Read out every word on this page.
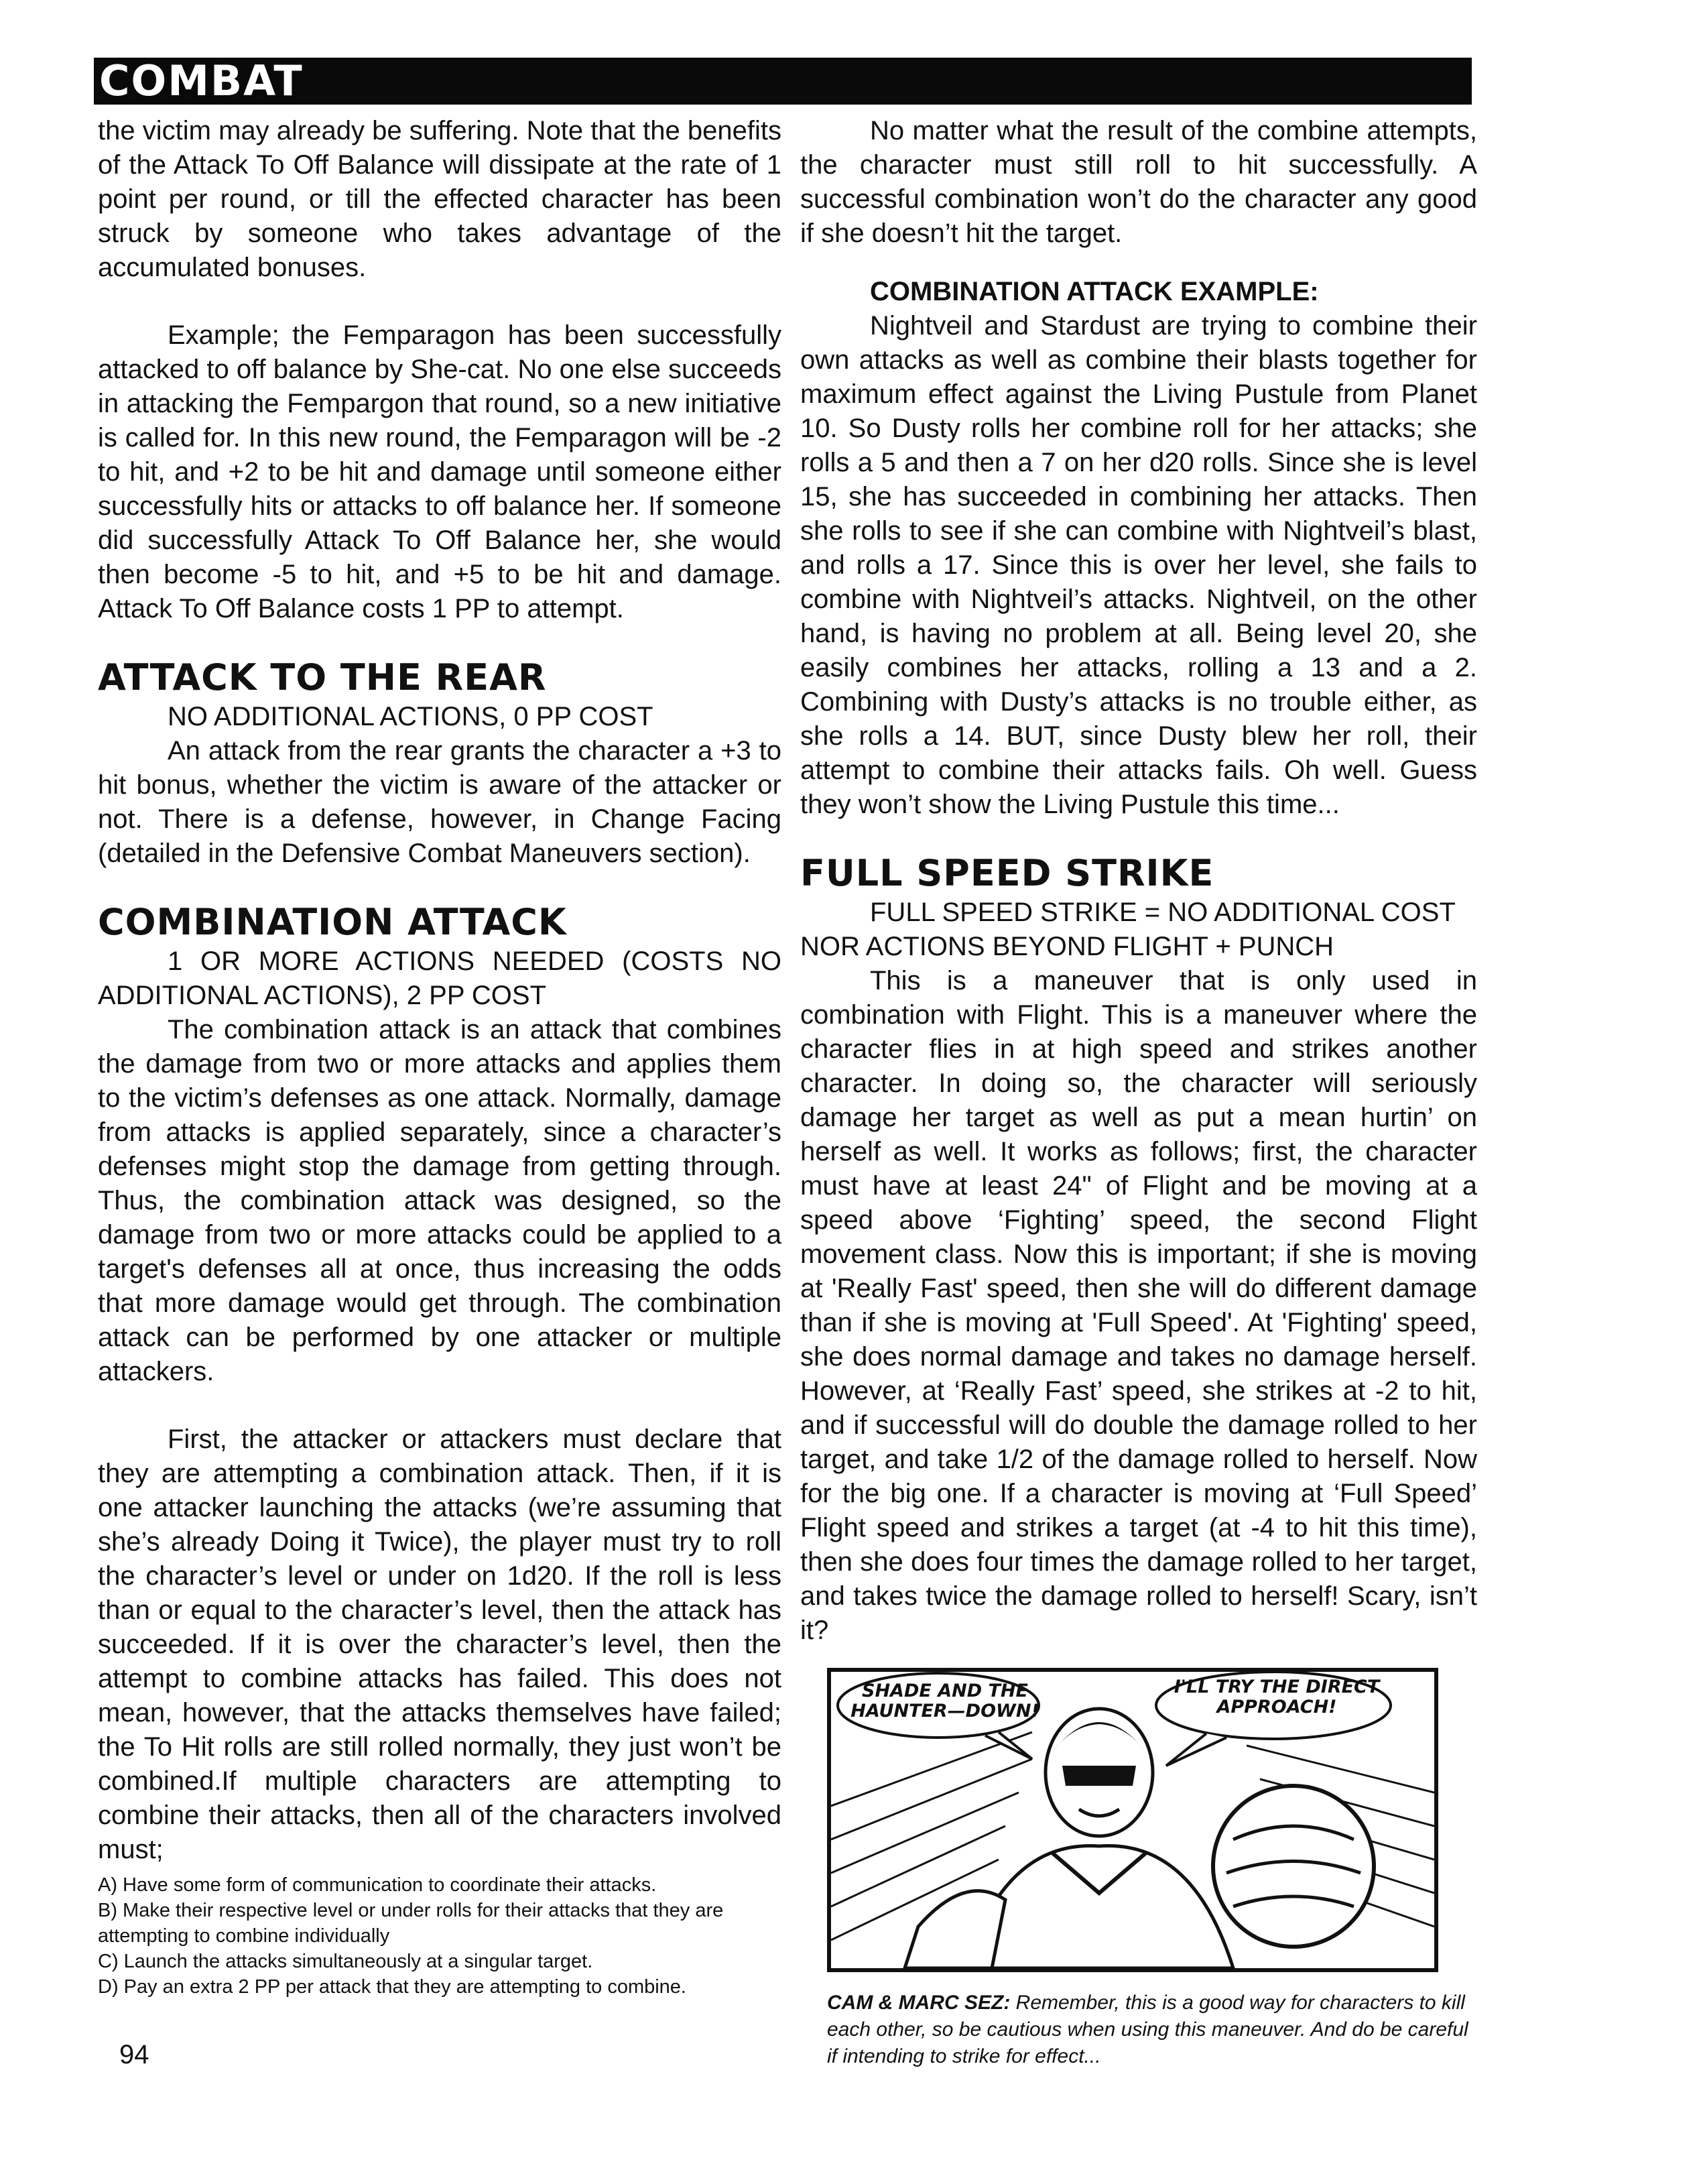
COMBAT

the victim may already be suffering. Note that the benefits of the Attack To Off Balance will dissipate at the rate of 1 point per round, or till the effected character has been struck by someone who takes advantage of the accumulated bonuses.

Example; the Femparagon has been successfully attacked to off balance by She-cat. No one else succeeds in attacking the Fempargon that round, so a new initiative is called for. In this new round, the Femparagon will be -2 to hit, and +2 to be hit and damage until someone either successfully hits or attacks to off balance her. If someone did successfully Attack To Off Balance her, she would then become -5 to hit, and +5 to be hit and damage. Attack To Off Balance costs 1 PP to attempt.

ATTACK TO THE REAR
NO ADDITIONAL ACTIONS, 0 PP COST

An attack from the rear grants the character a +3 to hit bonus, whether the victim is aware of the attacker or not. There is a defense, however, in Change Facing (detailed in the Defensive Combat Maneuvers section).

COMBINATION ATTACK

1 OR MORE ACTIONS NEEDED (COSTS NO ADDITIONAL ACTIONS), 2 PP COST

The combination attack is an attack that combines the damage from two or more attacks and applies them to the victim’s defenses as one attack. Normally, damage from attacks is applied separately, since a character’s defenses might stop the damage from getting through. Thus, the combination attack was designed, so the damage from two or more attacks could be applied to a target's defenses all at once, thus increasing the odds that more damage would get through. The combination attack can be performed by one attacker or multiple attackers.

First, the attacker or attackers must declare that they are attempting a combination attack. Then, if it is one attacker launching the attacks (we’re assuming that she’s already Doing it Twice), the player must try to roll the character’s level or under on 1d20. If the roll is less than or equal to the character’s level, then the attack has succeeded. If it is over the character’s level, then the attempt to combine attacks has failed. This does not mean, however, that the attacks themselves have failed; the To Hit rolls are still rolled normally, they just won’t be combined.If multiple characters are attempting to combine their attacks, then all of the characters involved must;

A) Have some form of communication to coordinate their attacks.
B) Make their respective level or under rolls for their attacks that they are attempting to combine individually
C) Launch the attacks simultaneously at a singular target.
D) Pay an extra 2 PP per attack that they are attempting to combine.

No matter what the result of the combine attempts, the character must still roll to hit successfully. A successful combination won’t do the character any good if she doesn’t hit the target.

COMBINATION ATTACK EXAMPLE:

Nightveil and Stardust are trying to combine their own attacks as well as combine their blasts together for maximum effect against the Living Pustule from Planet 10. So Dusty rolls her combine roll for her attacks; she rolls a 5 and then a 7 on her d20 rolls. Since she is level 15, she has succeeded in combining her attacks. Then she rolls to see if she can combine with Nightveil’s blast, and rolls a 17. Since this is over her level, she fails to combine with Nightveil’s attacks. Nightveil, on the other hand, is having no problem at all. Being level 20, she easily combines her attacks, rolling a 13 and a 2. Combining with Dusty’s attacks is no trouble either, as she rolls a 14. BUT, since Dusty blew her roll, their attempt to combine their attacks fails. Oh well. Guess they won’t show the Living Pustule this time...

FULL SPEED STRIKE
FULL SPEED STRIKE = NO ADDITIONAL COST
NOR ACTIONS BEYOND FLIGHT + PUNCH

This is a maneuver that is only used in combination with Flight. This is a maneuver where the character flies in at high speed and strikes another character. In doing so, the character will seriously damage her target as well as put a mean hurtin’ on herself as well. It works as follows; first, the character must have at least 24" of Flight and be moving at a speed above ‘Fighting’ speed, the second Flight movement class. Now this is important; if she is moving at 'Really Fast' speed, then she will do different damage than if she is moving at 'Full Speed'. At 'Fighting' speed, she does normal damage and takes no damage herself. However, at ‘Really Fast’ speed, she strikes at -2 to hit, and if successful will do double the damage rolled to her target, and take 1/2 of the damage rolled to herself. Now for the big one. If a character is moving at ‘Full Speed’ Flight speed and strikes a target (at -4 to hit this time), then she does four times the damage rolled to her target, and takes twice the damage rolled to herself! Scary, isn’t it?

SHADE AND THE HAUNTER—DOWN!
I'LL TRY THE DIRECT APPROACH!
CAM & MARC SEZ: Remember, this is a good way for characters to kill each other, so be cautious when using this maneuver. And do be careful if intending to strike for effect...
94
